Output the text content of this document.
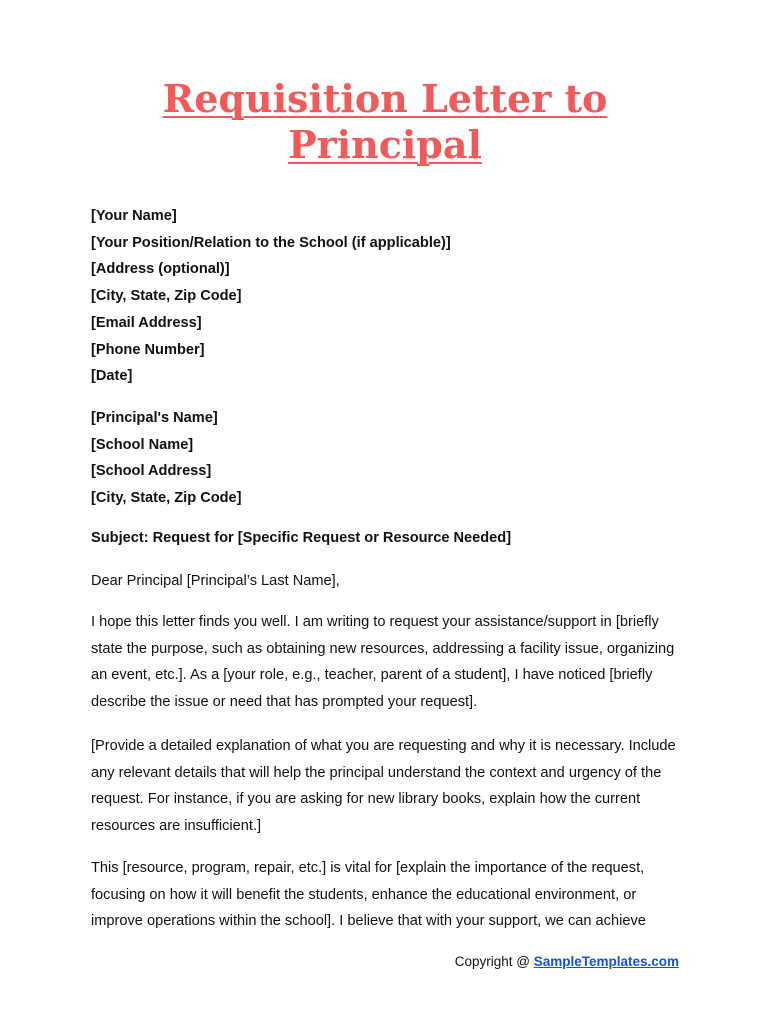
Requisition Letter to
Principal
[Your Name]
[Your Position/Relation to the School (if applicable)]
[Address (optional)]
[City, State, Zip Code]
[Email Address]
[Phone Number]
[Date]
[Principal's Name]
[School Name]
[School Address]
[City, State, Zip Code]
Subject: Request for [Specific Request or Resource Needed]
Dear Principal [Principal’s Last Name],

I hope this letter finds you well. I am writing to request your assistance/support in [briefly state the purpose, such as obtaining new resources, addressing a facility issue, organizing an event, etc.]. As a [your role, e.g., teacher, parent of a student], I have noticed [briefly describe the issue or need that has prompted your request].

[Provide a detailed explanation of what you are requesting and why it is necessary. Include any relevant details that will help the principal understand the context and urgency of the request. For instance, if you are asking for new library books, explain how the current resources are insufficient.]

This [resource, program, repair, etc.] is vital for [explain the importance of the request, focusing on how it will benefit the students, enhance the educational environment, or improve operations within the school]. I believe that with your support, we can achieve

Copyright @ SampleTemplates.com
